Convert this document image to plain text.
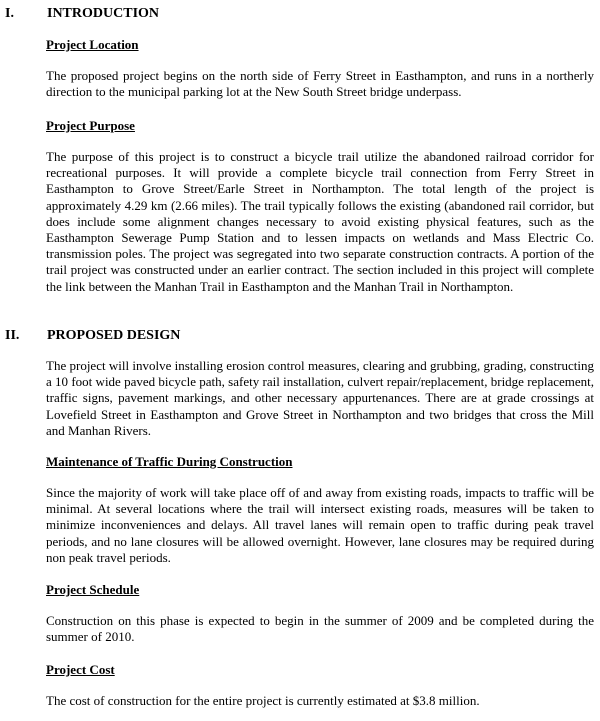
I. INTRODUCTION
Project Location
The proposed project begins on the north side of Ferry Street in Easthampton, and runs in a northerly direction to the municipal parking lot at the New South Street bridge underpass.
Project Purpose
The purpose of this project is to construct a bicycle trail utilize the abandoned railroad corridor for recreational purposes. It will provide a complete bicycle trail connection from Ferry Street in Easthampton to Grove Street/Earle Street in Northampton. The total length of the project is approximately 4.29 km (2.66 miles). The trail typically follows the existing (abandoned rail corridor, but does include some alignment changes necessary to avoid existing physical features, such as the Easthampton Sewerage Pump Station and to lessen impacts on wetlands and Mass Electric Co. transmission poles. The project was segregated into two separate construction contracts. A portion of the trail project was constructed under an earlier contract. The section included in this project will complete the link between the Manhan Trail in Easthampton and the Manhan Trail in Northampton.
II. PROPOSED DESIGN
The project will involve installing erosion control measures, clearing and grubbing, grading, constructing a 10 foot wide paved bicycle path, safety rail installation, culvert repair/replacement, bridge replacement, traffic signs, pavement markings, and other necessary appurtenances. There are at grade crossings at Lovefield Street in Easthampton and Grove Street in Northampton and two bridges that cross the Mill and Manhan Rivers.
Maintenance of Traffic During Construction
Since the majority of work will take place off of and away from existing roads, impacts to traffic will be minimal. At several locations where the trail will intersect existing roads, measures will be taken to minimize inconveniences and delays. All travel lanes will remain open to traffic during peak travel periods, and no lane closures will be allowed overnight. However, lane closures may be required during non peak travel periods.
Project Schedule
Construction on this phase is expected to begin in the summer of 2009 and be completed during the summer of 2010.
Project Cost
The cost of construction for the entire project is currently estimated at $3.8 million.
